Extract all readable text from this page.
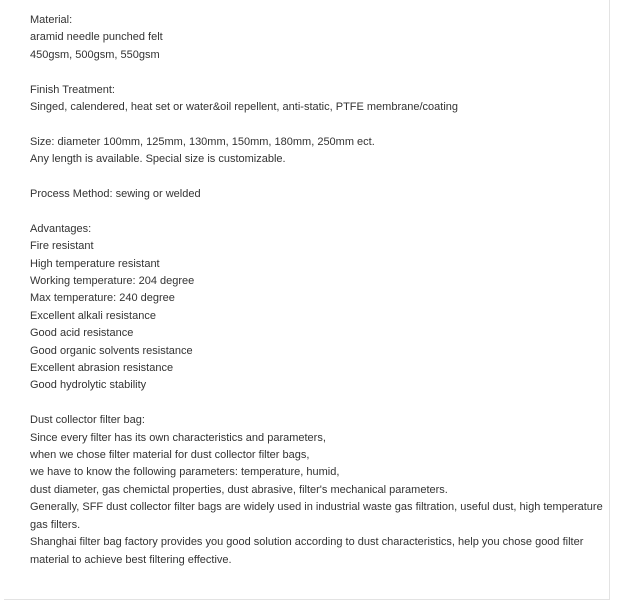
Material:
aramid needle punched felt
450gsm, 500gsm, 550gsm
Finish Treatment:
Singed, calendered, heat set or water&oil repellent, anti-static, PTFE membrane/coating
Size: diameter 100mm, 125mm, 130mm, 150mm, 180mm, 250mm ect.
Any length is available. Special size is customizable.
Process Method: sewing or welded
Advantages:
Fire resistant
High temperature resistant
Working temperature: 204 degree
Max temperature: 240 degree
Excellent alkali resistance
Good acid resistance
Good organic solvents resistance
Excellent abrasion resistance
Good hydrolytic stability
Dust collector filter bag:
Since every filter has its own characteristics and parameters,
when we chose filter material for dust collector filter bags,
we have to know the following parameters: temperature, humid,
dust diameter, gas chemictal properties, dust abrasive, filter's mechanical parameters.
Generally, SFF dust collector filter bags are widely used in industrial waste gas filtration, useful dust, high temperature gas filters.
Shanghai filter bag factory provides you good solution according to dust characteristics, help you chose good filter material to achieve best filtering effective.
